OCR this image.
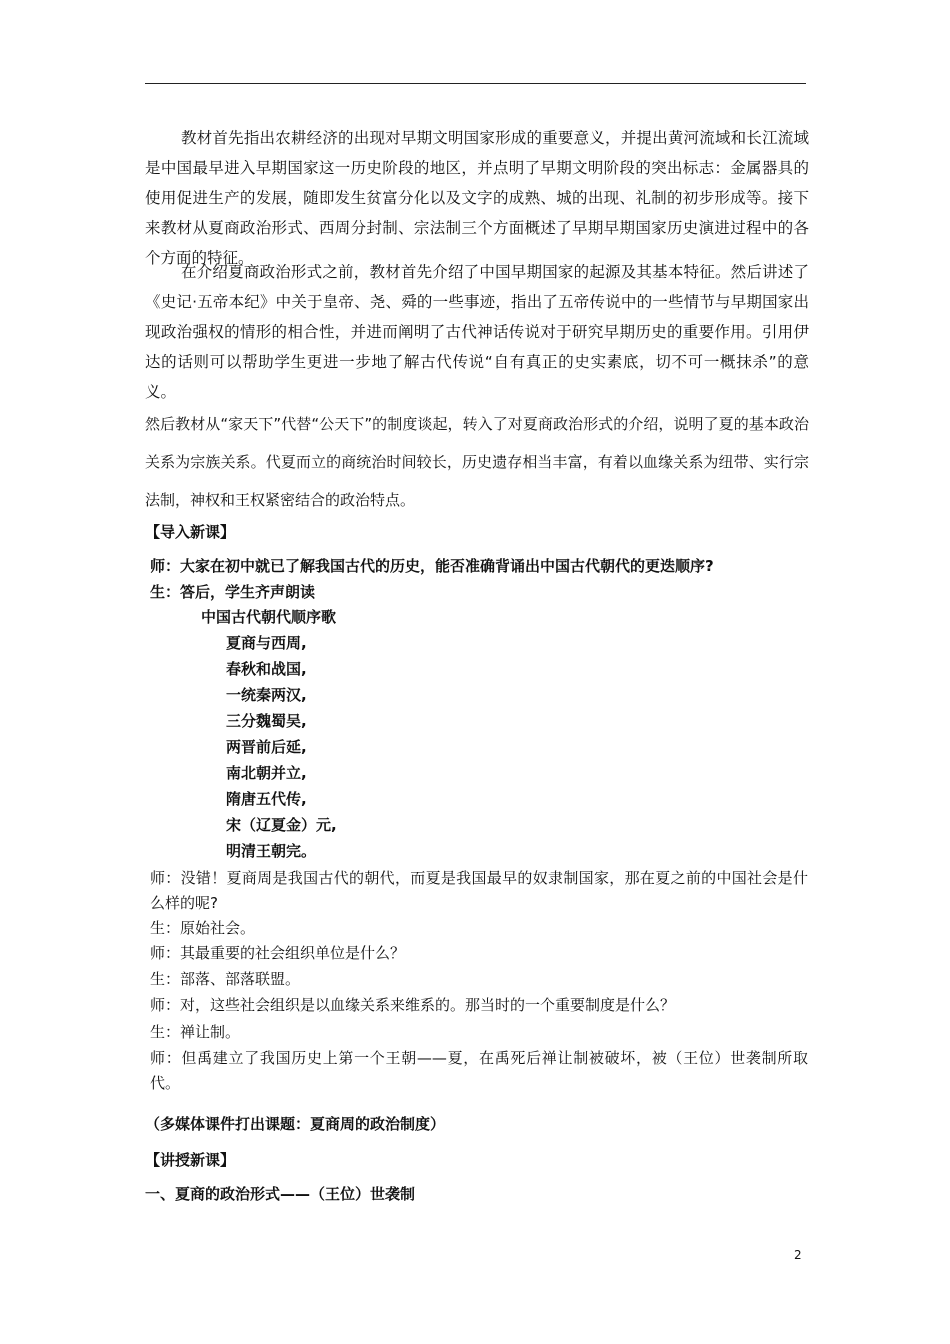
教材首先指出农耕经济的出现对早期文明国家形成的重要意义，并提出黄河流域和长江流域是中国最早进入早期国家这一历史阶段的地区，并点明了早期文明阶段的突出标志：金属器具的使用促进生产的发展，随即发生贫富分化以及文字的成熟、城的出现、礼制的初步形成等。接下来教材从夏商政治形式、西周分封制、宗法制三个方面概述了早期早期国家历史演进过程中的各个方面的特征。

在介绍夏商政治形式之前，教材首先介绍了中国早期国家的起源及其基本特征。然后讲述了《史记·五帝本纪》中关于皇帝、尧、舜的一些事迹，指出了五帝传说中的一些情节与早期国家出现政治强权的情形的相合性，并进而阐明了古代神话传说对于研究早期历史的重要作用。引用伊达的话则可以帮助学生更进一步地了解古代传说“自有真正的史实素底，切不可一概抹杀”的意义。

然后教材从“家天下”代替“公天下”的制度谈起，转入了对夏商政治形式的介绍，说明了夏的基本政治关系为宗族关系。代夏而立的商统治时间较长，历史遗存相当丰富，有着以血缘关系为纽带、实行宗法制，神权和王权紧密结合的政治特点。

【导入新课】

师：大家在初中就已了解我国古代的历史，能否准确背诵出中国古代朝代的更迭顺序?

生：答后，学生齐声朗读

中国古代朝代顺序歌

夏商与西周,

春秋和战国,

一统秦两汉,

三分魏蜀吴,

两晋前后延,

南北朝并立,

隋唐五代传,

宋（辽夏金）元,

明清王朝完。

师：没错！夏商周是我国古代的朝代，而夏是我国最早的奴隶制国家，那在夏之前的中国社会是什么样的呢?

生：原始社会。

师：其最重要的社会组织单位是什么？

生：部落、部落联盟。

师：对，这些社会组织是以血缘关系来维系的。那当时的一个重要制度是什么？

生：禅让制。

师：但禹建立了我国历史上第一个王朝——夏，在禹死后禅让制被破坏，被（王位）世袭制所取代。

（多媒体课件打出课题：夏商周的政治制度）

【讲授新课】

一、夏商的政治形式——（王位）世袭制

2
